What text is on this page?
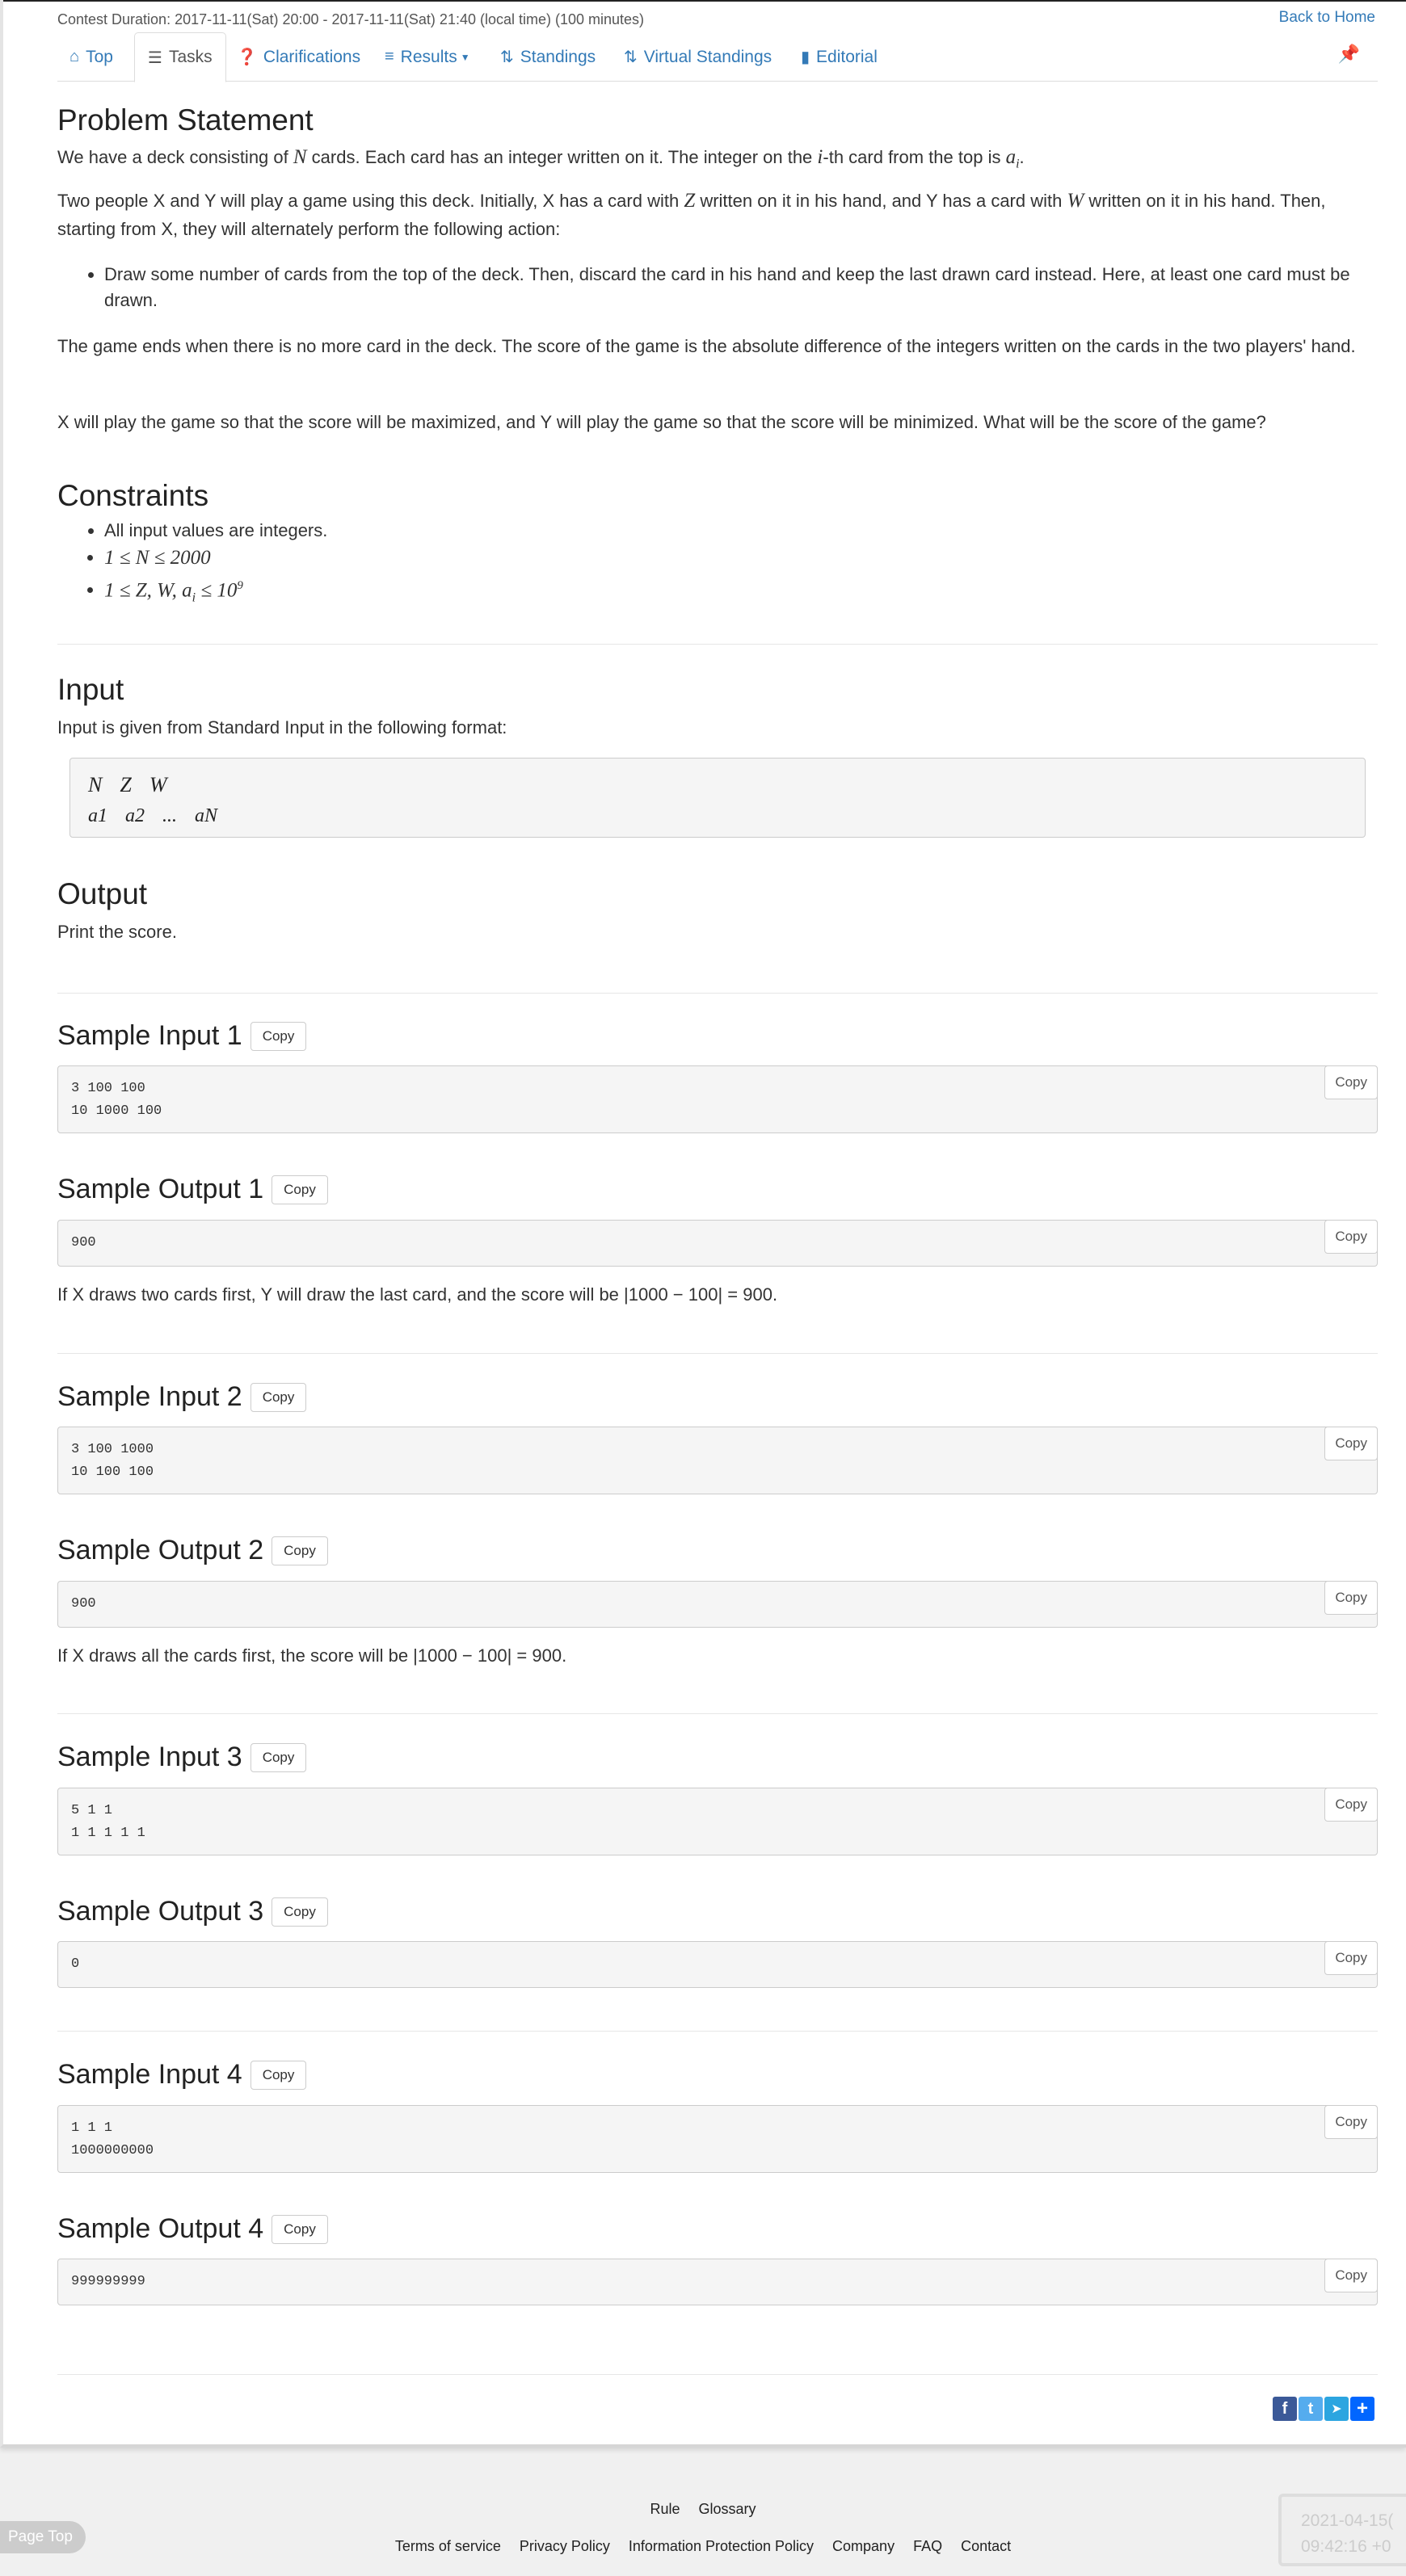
Contest Duration: 2017-11-11(Sat) 20:00 - 2017-11-11(Sat) 21:40 (local time) (100 minutes)	Back to Home
⌂ Top ☰ Tasks ❓ Clarifications ≡ Results ▼ ⇅ Standings ⇅ Virtual Standings ▮ Editorial	📌
Problem Statement

We have a deck consisting of N cards. Each card has an integer written on it. The integer on the i-th card from the top is $a_i$.

Two people X and Y will play a game using this deck. Initially, X has a card with Z written on it in his hand, and Y has a card with W written on it in his hand. Then, starting from X, they will alternately perform the following action:

• Draw some number of cards from the top of the deck. Then, discard the card in his hand and keep the last drawn card instead. Here, at least one card must be drawn.

The game ends when there is no more card in the deck. The score of the game is the absolute difference of the integers written on the cards in the two players' hand.

X will play the game so that the score will be maximized, and Y will play the game so that the score will be minimized. What will be the score of the game?

Constraints
• All input values are integers.
• 1 ≤ N ≤ 2000
• 1 ≤ Z, W, $a_i \le 10^9$
Input

Input is given from Standard Input in the following format:

N Z W
a1 a2 ... aN
Output

Print the score.

Sample Input 1	Copy
3 100 100
10 1000 100
Copy
Sample Output 1	Copy
900	Copy

If X draws two cards first, Y will draw the last card, and the score will be |1000 − 100| = 900.

Sample Input 2	Copy
3 100 1000
10 100 100
Copy
Sample Output 2	Copy
900	Copy

If X draws all the cards first, the score will be |1000 − 100| = 900.

Sample Input 3	Copy
5 1 1
1 1 1 1 1
Copy
Sample Output 3	Copy
0	Copy
Sample Input 4	Copy
1 1 1
1000000000
Copy
Sample Output 4	Copy
999999999	Copy
f	t	➤ +
Rule Glossary
Terms of service Privacy Policy Information Protection Policy Company FAQ Contact
Page Top
2021-04-15(
09:42:16 +0
